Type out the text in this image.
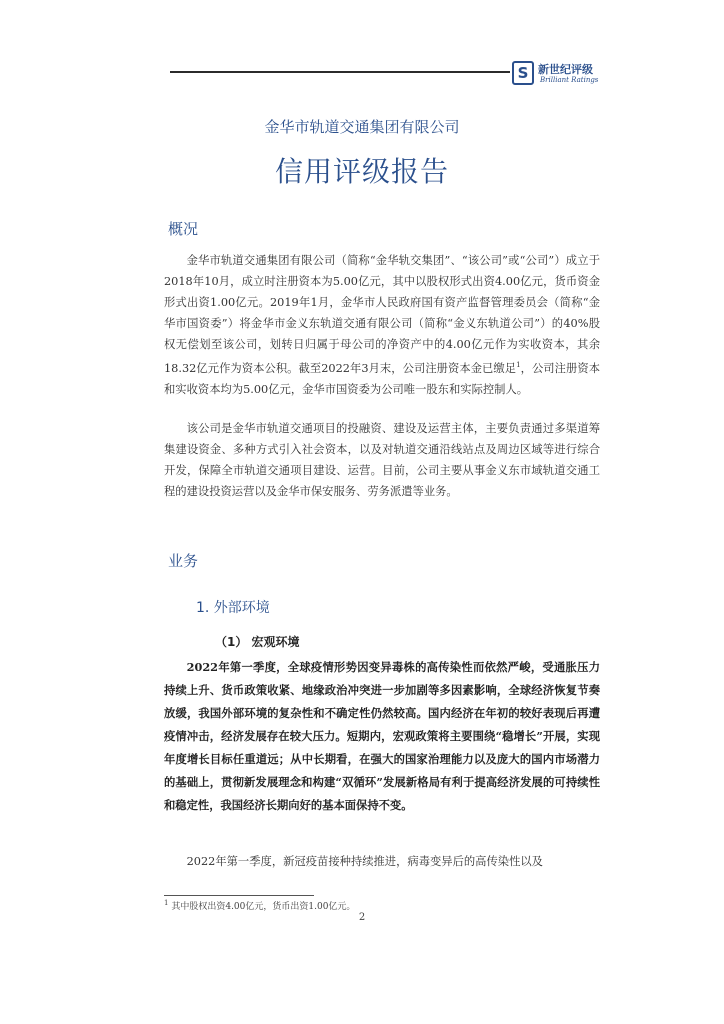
S 新世纪评级
Brilliant Ratings
金华市轨道交通集团有限公司
信用评级报告
概况

金华市轨道交通集团有限公司（简称“金华轨交集团”、“该公司”或“公司”）成立于2018年10月，成立时注册资本为5.00亿元，其中以股权形式出资4.00亿元，货币资金形式出资1.00亿元。2019年1月，金华市人民政府国有资产监督管理委员会（简称“金华市国资委”）将金华市金义东轨道交通有限公司（简称“金义东轨道公司”）的40%股权无偿划至该公司，划转日归属于母公司的净资产中的4.00亿元作为实收资本，其余18.32亿元作为资本公积。截至2022年3月末，公司注册资本金已缴足$^1$，公司注册资本和实收资本均为5.00亿元，金华市国资委为公司唯一股东和实际控制人。

该公司是金华市轨道交通项目的投融资、建设及运营主体，主要负责通过多渠道筹集建设资金、多种方式引入社会资本，以及对轨道交通沿线站点及周边区域等进行综合开发，保障全市轨道交通项目建设、运营。目前，公司主要从事金义东市域轨道交通工程的建设投资运营以及金华市保安服务、劳务派遣等业务。

业务
1. 外部环境
（1） 宏观环境

2022年第一季度，全球疫情形势因变异毒株的高传染性而依然严峻，受通胀压力持续上升、货币政策收紧、地缘政治冲突进一步加剧等多因素影响，全球经济恢复节奏放缓，我国外部环境的复杂性和不确定性仍然较高。国内经济在年初的较好表现后再遭疫情冲击，经济发展存在较大压力。短期内，宏观政策将主要围绕“稳增长”开展，实现年度增长目标任重道远；从中长期看，在强大的国家治理能力以及庞大的国内市场潜力的基础上，贯彻新发展理念和构建“双循环”发展新格局有利于提高经济发展的可持续性和稳定性，我国经济长期向好的基本面保持不变。

2022年第一季度，新冠疫苗接种持续推进，病毒变异后的高传染性以及

$^1$ 其中股权出资4.00亿元，货币出资1.00亿元。
2
